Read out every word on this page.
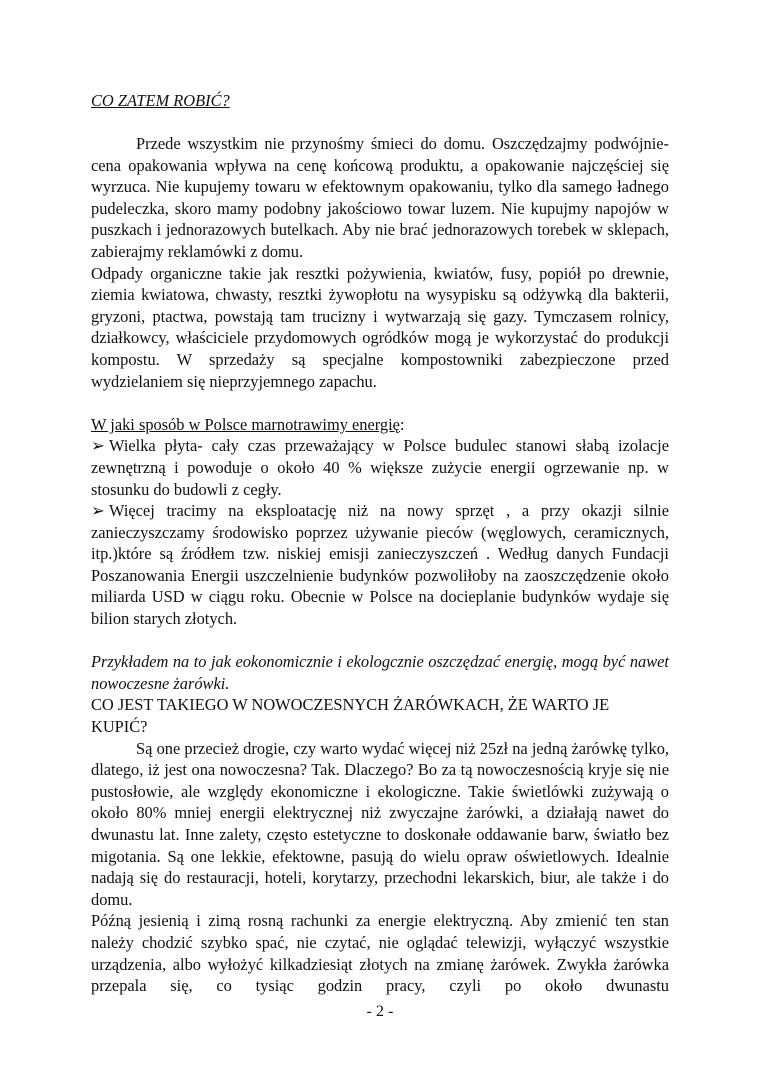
CO ZATEM ROBIĆ?

Przede wszystkim nie przynośmy śmieci do domu. Oszczędzajmy podwójnie- cena opakowania wpływa na cenę końcową produktu, a opakowanie najczęściej się wyrzuca. Nie kupujemy towaru w efektownym opakowaniu, tylko dla samego ładnego pudeleczka, skoro mamy podobny jakościowo towar luzem. Nie kupujmy napojów w puszkach i jednorazowych butelkach. Aby nie brać jednorazowych torebek w sklepach, zabierajmy reklamówki z domu.

Odpady organiczne takie jak resztki pożywienia, kwiatów, fusy, popiół po drewnie, ziemia kwiatowa, chwasty, resztki żywopłotu na wysypisku są odżywką dla bakterii, gryzoni, ptactwa, powstają tam trucizny i wytwarzają się gazy. Tymczasem rolnicy, działkowcy, właściciele przydomowych ogródków mogą je wykorzystać do produkcji kompostu. W sprzedaży są specjalne kompostowniki zabezpieczone przed wydzielaniem się nieprzyjemnego zapachu.

W jaki sposób w Polsce marnotrawimy energię:

➢ Wielka płyta- cały czas przeważający w Polsce budulec stanowi słabą izolacje zewnętrzną i powoduje o około 40 % większe zużycie energii ogrzewanie np. w stosunku do budowli z cegły.

➢ Więcej tracimy na eksploatację niż na nowy sprzęt , a przy okazji silnie zanieczyszczamy środowisko poprzez używanie pieców (węglowych, ceramicznych, itp.)które są źródłem tzw. niskiej emisji zanieczyszczeń . Według danych Fundacji Poszanowania Energii uszczelnienie budynków pozwoliłoby na zaoszczędzenie około miliarda USD w ciągu roku. Obecnie w Polsce na docieplanie budynków wydaje się bilion starych złotych.

Przykładem na to jak eokonomicznie i ekologcznie oszczędzać energię, mogą być nawet nowoczesne żarówki.

CO JEST TAKIEGO W NOWOCZESNYCH ŻARÓWKACH, ŻE WARTO JE KUPIĆ?

Są one przecież drogie, czy warto wydać więcej niż 25zł na jedną żarówkę tylko, dlatego, iż jest ona nowoczesna? Tak. Dlaczego? Bo za tą nowoczesnością kryje się nie pustosłowie, ale względy ekonomiczne i ekologiczne. Takie świetlówki zużywają o około 80% mniej energii elektrycznej niż zwyczajne żarówki, a działają nawet do dwunastu lat. Inne zalety, często estetyczne to doskonałe oddawanie barw, światło bez migotania. Są one lekkie, efektowne, pasują do wielu opraw oświetlowych. Idealnie nadają się do restauracji, hoteli, korytarzy, przechodni lekarskich, biur, ale także i do domu.

Późną jesienią i zimą rosną rachunki za energie elektryczną. Aby zmienić ten stan należy chodzić szybko spać, nie czytać, nie oglądać telewizji, wyłączyć wszystkie urządzenia, albo wyłożyć kilkadziesiąt złotych na zmianę żarówek. Zwykła żarówka przepala się, co tysiąc godzin pracy, czyli po około dwunastu

- 2 -
